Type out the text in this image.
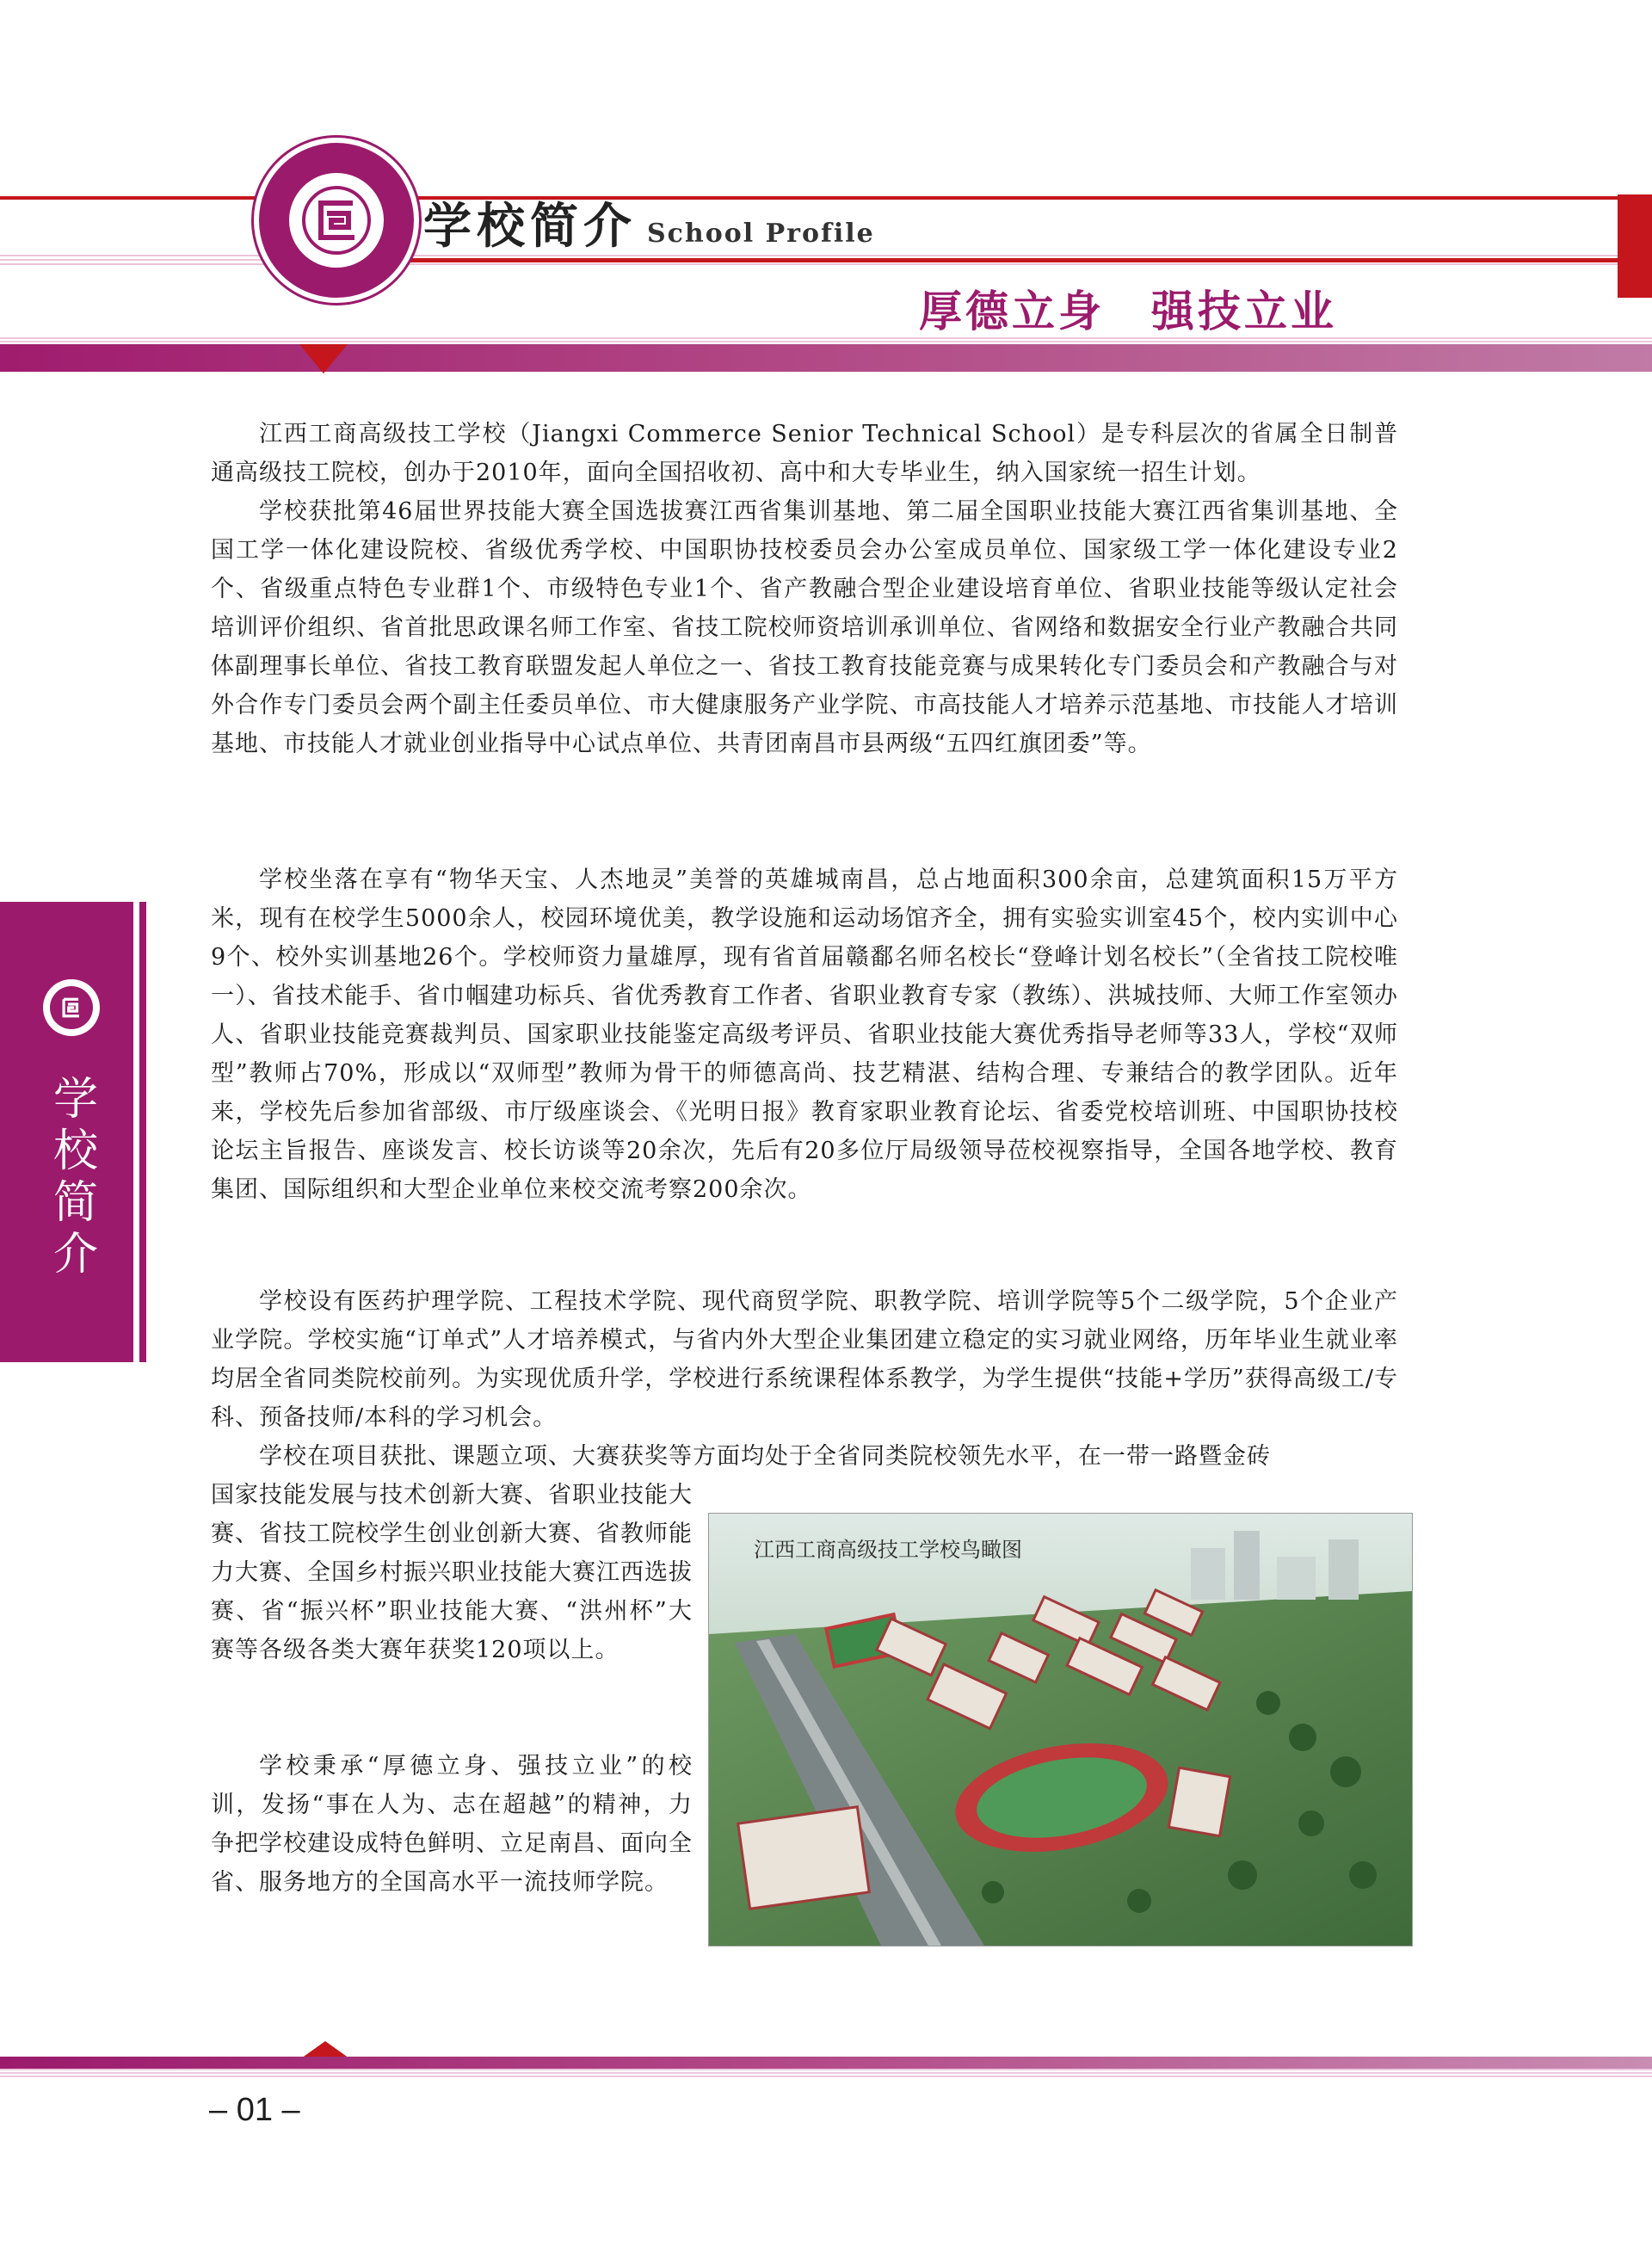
学校简介 School Profile
厚德立身　强技立业
学
校
简
介

江西工商高级技工学校（Jiangxi Commerce Senior Technical School）是专科层次的省属全日制普通高级技工院校，创办于2010年，面向全国招收初、高中和大专毕业生，纳入国家统一招生计划。

学校获批第46届世界技能大赛全国选拔赛江西省集训基地、第二届全国职业技能大赛江西省集训基地、全国工学一体化建设院校、省级优秀学校、中国职协技校委员会办公室成员单位、国家级工学一体化建设专业2个、省级重点特色专业群1个、市级特色专业1个、省产教融合型企业建设培育单位、省职业技能等级认定社会培训评价组织、省首批思政课名师工作室、省技工院校师资培训承训单位、省网络和数据安全行业产教融合共同体副理事长单位、省技工教育联盟发起人单位之一、省技工教育技能竞赛与成果转化专门委员会和产教融合与对外合作专门委员会两个副主任委员单位、市大健康服务产业学院、市高技能人才培养示范基地、市技能人才培训基地、市技能人才就业创业指导中心试点单位、共青团南昌市县两级“五四红旗团委”等。

学校坐落在享有“物华天宝、人杰地灵”美誉的英雄城南昌，总占地面积300余亩，总建筑面积15万平方米，现有在校学生5000余人，校园环境优美，教学设施和运动场馆齐全，拥有实验实训室45个，校内实训中心9个、校外实训基地26个。学校师资力量雄厚，现有省首届赣鄱名师名校长“登峰计划名校长”（全省技工院校唯一）、省技术能手、省巾帼建功标兵、省优秀教育工作者、省职业教育专家（教练）、洪城技师、大师工作室领办人、省职业技能竞赛裁判员、国家职业技能鉴定高级考评员、省职业技能大赛优秀指导老师等33人，学校“双师型”教师占70%，形成以“双师型”教师为骨干的师德高尚、技艺精湛、结构合理、专兼结合的教学团队。近年来，学校先后参加省部级、市厅级座谈会、《光明日报》教育家职业教育论坛、省委党校培训班、中国职协技校论坛主旨报告、座谈发言、校长访谈等20余次，先后有20多位厅局级领导莅校视察指导，全国各地学校、教育集团、国际组织和大型企业单位来校交流考察200余次。

学校设有医药护理学院、工程技术学院、现代商贸学院、职教学院、培训学院等5个二级学院，5个企业产业学院。学校实施“订单式”人才培养模式，与省内外大型企业集团建立稳定的实习就业网络，历年毕业生就业率均居全省同类院校前列。为实现优质升学，学校进行系统课程体系教学，为学生提供“技能+学历”获得高级工/专科、预备技师/本科的学习机会。

学校在项目获批、课题立项、大赛获奖等方面均处于全省同类院校领先水平，在一带一路暨金砖

国家技能发展与技术创新大赛、省职业技能大赛、省技工院校学生创业创新大赛、省教师能力大赛、全国乡村振兴职业技能大赛江西选拔赛、省“振兴杯”职业技能大赛、“洪州杯”大赛等各级各类大赛年获奖120项以上。

学校秉承“厚德立身、强技立业”的校训，发扬“事在人为、志在超越”的精神，力争把学校建设成特色鲜明、立足南昌、面向全省、服务地方的全国高水平一流技师学院。

江西工商高级技工学校鸟瞰图
– 01 –
